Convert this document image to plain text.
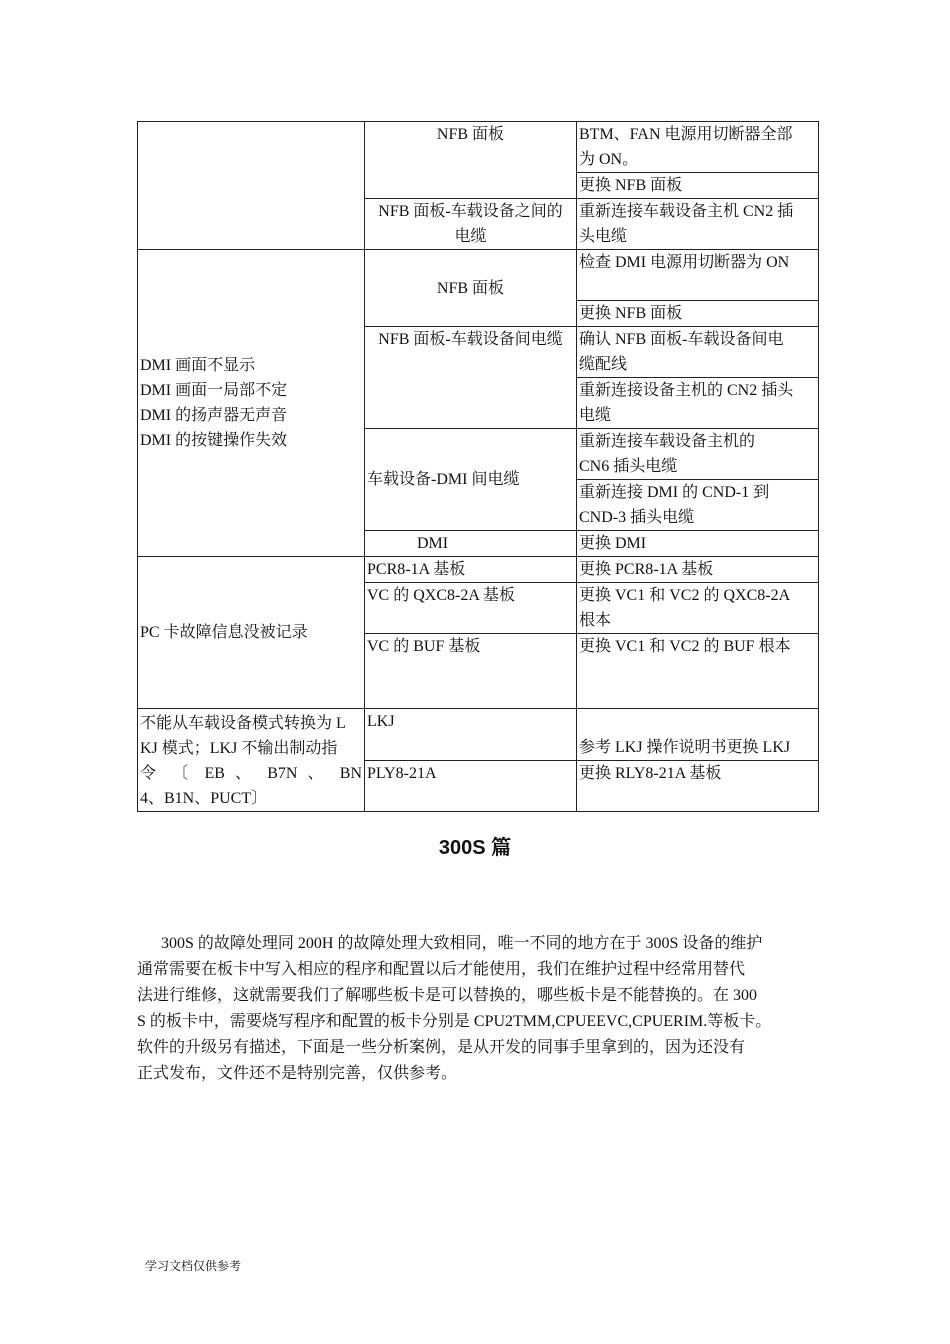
	NFB 面板	BTM、FAN 电源用切断器全部
为 ON。

		更换 NFB 面板

	NFB 面板-车载设备之间的
电缆	重新连接车载设备主机 CN2 插
头电缆

DMI 画面不显示
DMI 画面一局部不定
DMI 的扬声器无声音
DMI 的按键操作失效	NFB 面板	检查 DMI 电源用切断器为 ON

		更换 NFB 面板

	NFB 面板-车载设备间电缆	确认 NFB 面板-车载设备间电
缆配线

		重新连接设备主机的 CN2 插头
电缆

	车载设备-DMI 间电缆	重新连接车载设备主机的
CN6 插头电缆

		重新连接 DMI 的 CND-1 到
CND-3 插头电缆

	DMI	更换 DMI

PC 卡故障信息没被记录	PCR8-1A 基板	更换 PCR8-1A 基板

	VC 的 QXC8-2A 基板	更换 VC1 和 VC2 的 QXC8-2A
根本

	VC 的 BUF 基板	更换 VC1 和 VC2 的 BUF 根本

不能从车载设备模式转换为 L
KJ 模式；LKJ 不输出制动指
令 〔 EB 、 B7N 、 BN
4、B1N、PUCT〕	LKJ	参考 LKJ 操作说明书更换 LKJ

	PLY8-21A	更换 RLY8-21A 基板
300S 篇
300S 的故障处理同 200H 的故障处理大致相同，唯一不同的地方在于 300S 设备的维护
通常需要在板卡中写入相应的程序和配置以后才能使用，我们在维护过程中经常用替代
法进行维修，这就需要我们了解哪些板卡是可以替换的，哪些板卡是不能替换的。在 300
S 的板卡中，需要烧写程序和配置的板卡分别是 CPU2TMM,CPUEEVC,CPUERIM.等板卡。
软件的升级另有描述，下面是一些分析案例，是从开发的同事手里拿到的，因为还没有
正式发布，文件还不是特别完善，仅供参考。
学习文档仅供参考
